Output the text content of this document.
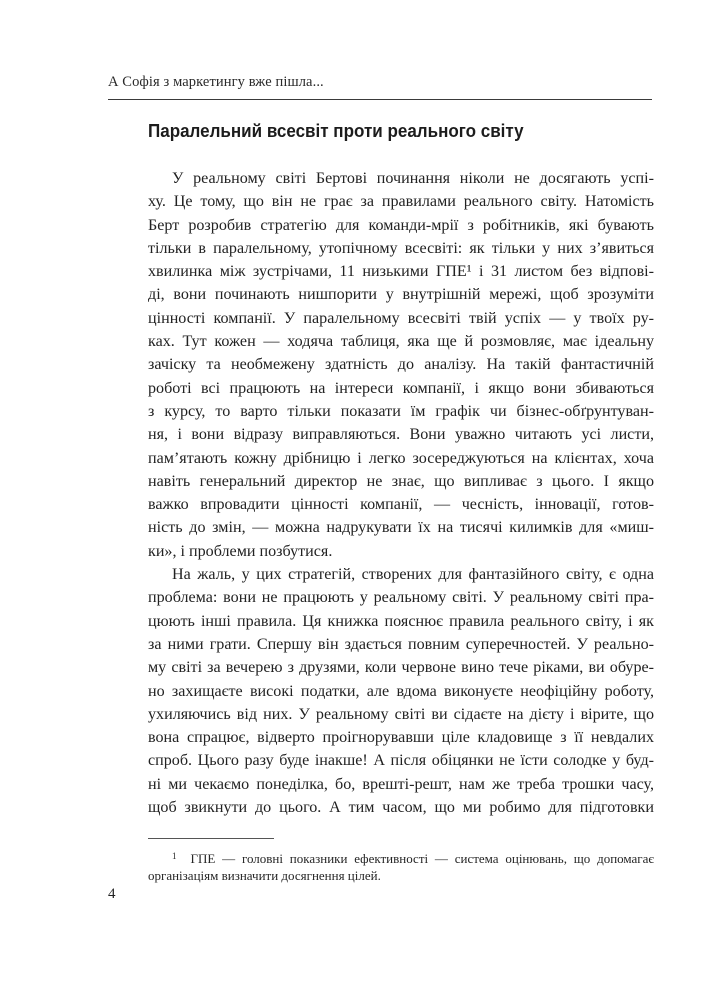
А Софія з маркетингу вже пішла...
Паралельний всесвіт проти реального світу
У реальному світі Бертові починання ніколи не досягають успі-
ху. Це тому, що він не грає за правилами реального світу. Натомість
Берт розробив стратегію для команди-мрії з робітників, які бувають
тільки в паралельному, утопічному всесвіті: як тільки у них з’явиться
хвилинка між зустрічами, 11 низькими ГПЕ¹ і 31 листом без відпові-
ді, вони починають нишпорити у внутрішній мережі, щоб зрозуміти
цінності компанії. У паралельному всесвіті твій успіх — у твоїх ру-
ках. Тут кожен — ходяча таблиця, яка ще й розмовляє, має ідеальну
зачіску та необмежену здатність до аналізу. На такій фантастичній
роботі всі працюють на інтереси компанії, і якщо вони збиваються
з курсу, то варто тільки показати їм графік чи бізнес-обґрунтуван-
ня, і вони відразу виправляються. Вони уважно читають усі листи,
пам’ятають кожну дрібницю і легко зосереджуються на клієнтах, хоча
навіть генеральний директор не знає, що випливає з цього. І якщо
важко впровадити цінності компанії, — чесність, інновації, готов-
ність до змін, — можна надрукувати їх на тисячі килимків для «миш-
ки», і проблеми позбутися.
На жаль, у цих стратегій, створених для фантазійного світу, є одна
проблема: вони не працюють у реальному світі. У реальному світі пра-
цюють інші правила. Ця книжка пояснює правила реального світу, і як
за ними грати. Спершу він здається повним суперечностей. У реально-
му світі за вечерею з друзями, коли червоне вино тече ріками, ви обуре-
но захищаєте високі податки, але вдома виконуєте неофіційну роботу,
ухиляючись від них. У реальному світі ви сідаєте на дієту і вірите, що
вона спрацює, відверто проігнорувавши ціле кладовище з її невдалих
спроб. Цього разу буде інакше! А після обіцянки не їсти солодке у буд-
ні ми чекаємо понеділка, бо, врешті-решт, нам же треба трошки часу,
щоб звикнути до цього. А тим часом, що ми робимо для підготовки
$^1$ ГПЕ — головні показники ефективності — система оцінювань, що допомагає
організаціям визначити досягнення цілей.
4
